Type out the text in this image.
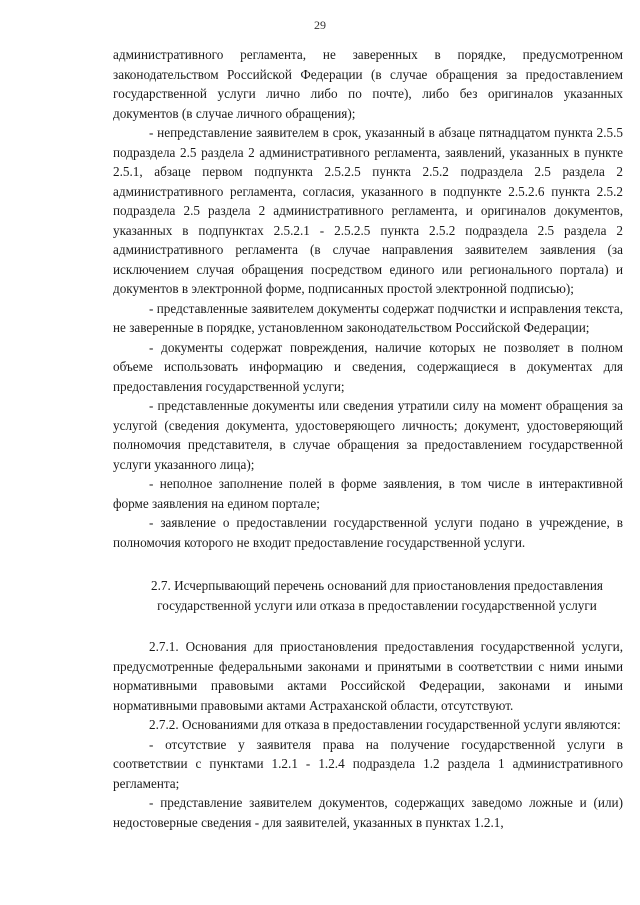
29

административного регламента, не заверенных в порядке, предусмотренном законодательством Российской Федерации (в случае обращения за предоставлением государственной услуги лично либо по почте), либо без оригиналов указанных документов (в случае личного обращения);

- непредставление заявителем в срок, указанный в абзаце пятнадцатом пункта 2.5.5 подраздела 2.5 раздела 2 административного регламента, заявлений, указанных в пункте 2.5.1, абзаце первом подпункта 2.5.2.5 пункта 2.5.2 подраздела 2.5 раздела 2 административного регламента, согласия, указанного в подпункте 2.5.2.6 пункта 2.5.2 подраздела 2.5 раздела 2 административного регламента, и оригиналов документов, указанных в подпунктах 2.5.2.1 - 2.5.2.5 пункта 2.5.2 подраздела 2.5 раздела 2 административного регламента (в случае направления заявителем заявления (за исключением случая обращения посредством единого или регионального портала) и документов в электронной форме, подписанных простой электронной подписью);

- представленные заявителем документы содержат подчистки и исправления текста, не заверенные в порядке, установленном законодательством Российской Федерации;

- документы содержат повреждения, наличие которых не позволяет в полном объеме использовать информацию и сведения, содержащиеся в документах для предоставления государственной услуги;

- представленные документы или сведения утратили силу на момент обращения за услугой (сведения документа, удостоверяющего личность; документ, удостоверяющий полномочия представителя, в случае обращения за предоставлением государственной услуги указанного лица);

- неполное заполнение полей в форме заявления, в том числе в интерактивной форме заявления на едином портале;

- заявление о предоставлении государственной услуги подано в учреждение, в полномочия которого не входит предоставление государственной услуги.

2.7. Исчерпывающий перечень оснований для приостановления предоставления государственной услуги или отказа в предоставлении государственной услуги

2.7.1. Основания для приостановления предоставления государственной услуги, предусмотренные федеральными законами и принятыми в соответствии с ними иными нормативными правовыми актами Российской Федерации, законами и иными нормативными правовыми актами Астраханской области, отсутствуют.

2.7.2. Основаниями для отказа в предоставлении государственной услуги являются:

- отсутствие у заявителя права на получение государственной услуги в соответствии с пунктами 1.2.1 - 1.2.4 подраздела 1.2 раздела 1 административного регламента;

- представление заявителем документов, содержащих заведомо ложные и (или) недостоверные сведения - для заявителей, указанных в пунктах 1.2.1,
